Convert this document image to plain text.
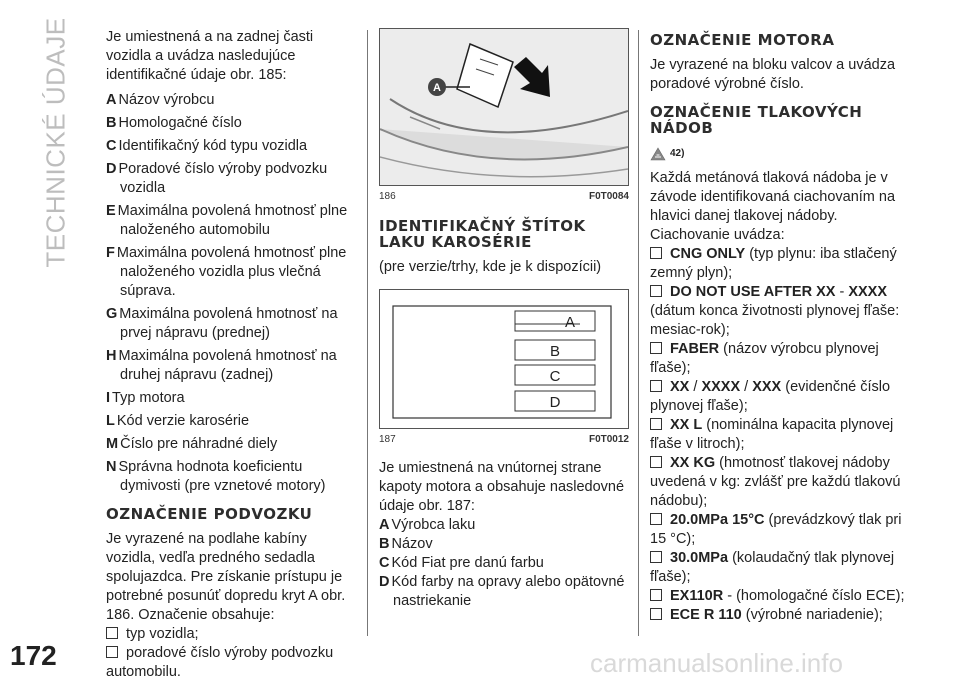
TECHNICKÉ ÚDAJE
172

Je umiestnená a na zadnej časti vozidla a uvádza nasledujúce identifikačné údaje obr. 185:

A Názov výrobcu
B Homologačné číslo
C Identifikačný kód typu vozidla
D Poradové číslo výroby podvozku vozidla
E Maximálna povolená hmotnosť plne naloženého automobilu
F Maximálna povolená hmotnosť plne naloženého vozidla plus vlečná súprava.
G Maximálna povolená hmotnosť na prvej nápravu (prednej)
H Maximálna povolená hmotnosť na druhej nápravu (zadnej)
I Typ motora
L Kód verzie karosérie
M Číslo pre náhradné diely
N Správna hodnota koeficientu dymivosti (pre vznetové motory)
OZNAČENIE PODVOZKU

Je vyrazené na podlahe kabíny vozidla, vedľa predného sedadla spolujazdca. Pre získanie prístupu je potrebné posunúť dopredu kryt A obr. 186. Označenie obsahuje:

typ vozidla;

poradové číslo výroby podvozku automobilu.

A
186	F0T0084
IDENTIFIKAČNÝ ŠTÍTOK LAKU KAROSÉRIE

(pre verzie/trhy, kde je k dispozícii)

A
B
C
D
187	F0T0012

Je umiestnená na vnútornej strane kapoty motora a obsahuje nasledovné údaje obr. 187:

A Výrobca laku
B Názov
C Kód Fiat pre danú farbu
D Kód farby na opravy alebo opätovné nastriekanie
OZNAČENIE MOTORA

Je vyrazené na bloku valcov a uvádza poradové výrobné číslo.

OZNAČENIE TLAKOVÝCH NÁDOB
42)

Každá metánová tlaková nádoba je v závode identifikovaná ciachovaním na hlavici danej tlakovej nádoby. Ciachovanie uvádza:

CNG ONLY (typ plynu: iba stlačený zemný plyn);

DO NOT USE AFTER XX - XXXX (dátum konca životnosti plynovej fľaše: mesiac-rok);

FABER (názov výrobcu plynovej fľaše);

XX / XXXX / XXX (evidenčné číslo plynovej fľaše);

XX L (nominálna kapacita plynovej fľaše v litroch);

XX KG (hmotnosť tlakovej nádoby uvedená v kg: zvlášť pre každú tlakovú nádobu);

20.0MPa 15°C (prevádzkový tlak pri 15 °C);

30.0MPa (kolaudačný tlak plynovej fľaše);

EX110R - (homologačné číslo ECE);

ECE R 110 (výrobné nariadenie);

carmanualsonline.info
